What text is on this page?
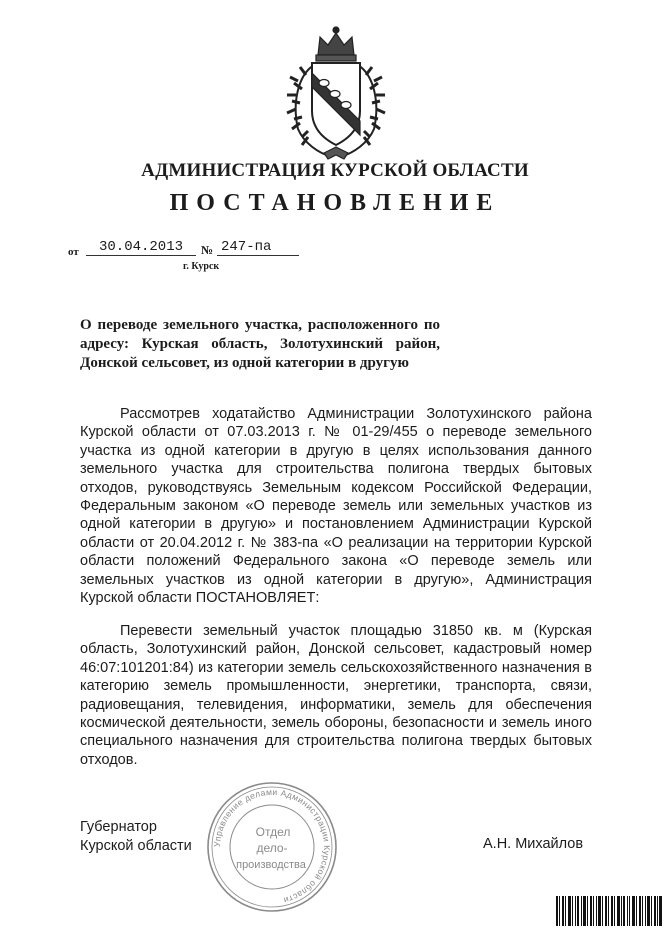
АДМИНИСТРАЦИЯ КУРСКОЙ ОБЛАСТИ
ПОСТАНОВЛЕНИЕ
от	30.04.2013	№ 247-па
г. Курск
О переводе земельного участка, расположенного по адресу: Курская область, Золотухинский район, Донской сельсовет, из одной категории в другую
Рассмотрев ходатайство Администрации Золотухинского района Курской области от 07.03.2013 г. № 01-29/455 о переводе земельного участка из одной категории в другую в целях использования данного земельного участка для строительства полигона твердых бытовых отходов, руководствуясь Земельным кодексом Российской Федерации, Федеральным законом «О переводе земель или земельных участков из одной категории в другую» и постановлением Администрации Курской области от 20.04.2012 г. № 383-па «О реализации на территории Курской области положений Федерального закона «О переводе земель или земельных участков из одной категории в другую», Администрация Курской области ПОСТАНОВЛЯЕТ:
Перевести земельный участок площадью 31850 кв. м (Курская область, Золотухинский район, Донской сельсовет, кадастровый номер 46:07:101201:84) из категории земель сельскохозяйственного назначения в категорию земель промышленности, энергетики, транспорта, связи, радиовещания, телевидения, информатики, земель для обеспечения космической деятельности, земель обороны, безопасности и земель иного специального назначения для строительства полигона твердых бытовых отходов.
Губернатор
Курской области	А.Н. Михайлов
Управление делами Администрации Курской области
Отдел
дело-
производства
